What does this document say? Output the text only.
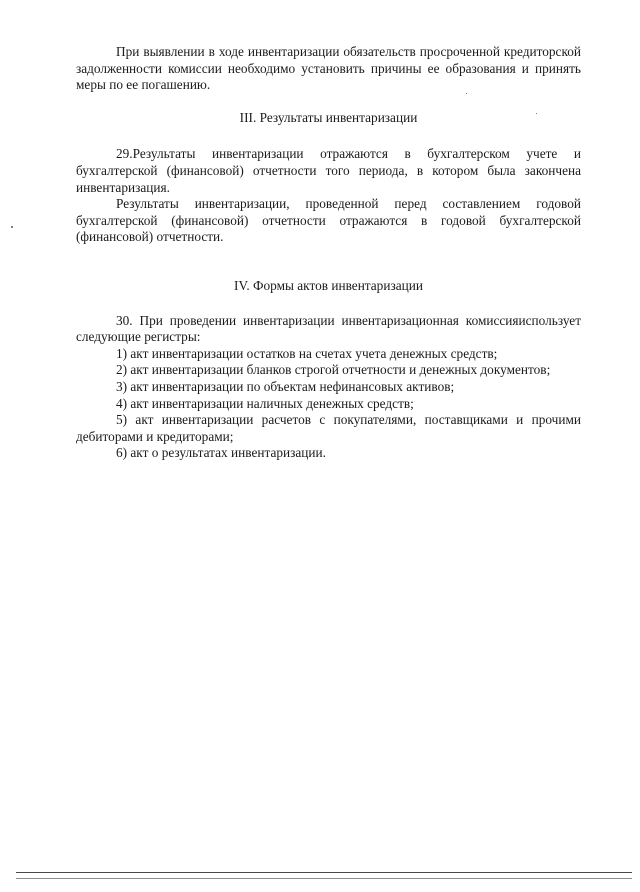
При выявлении в ходе инвентаризации обязательств просроченной кредиторской задолженности комиссии необходимо установить причины ее образования и принять меры по ее погашению.

III. Результаты инвентаризации

29.Результаты инвентаризации отражаются в бухгалтерском учете и бухгалтерской (финансовой) отчетности того периода, в котором была закончена инвентаризация.

Результаты инвентаризации, проведенной перед составлением годовой бухгалтерской (финансовой) отчетности отражаются в годовой бухгалтерской (финансовой) отчетности.

IV. Формы актов инвентаризации

30. При проведении инвентаризации инвентаризационная комиссияиспользует следующие регистры:

1) акт инвентаризации остатков на счетах учета денежных средств;

2) акт инвентаризации бланков строгой отчетности и денежных документов;

3) акт инвентаризации по объектам нефинансовых активов;

4) акт инвентаризации наличных денежных средств;

5) акт инвентаризации расчетов с покупателями, поставщиками и прочими дебиторами и кредиторами;

6) акт о результатах инвентаризации.
